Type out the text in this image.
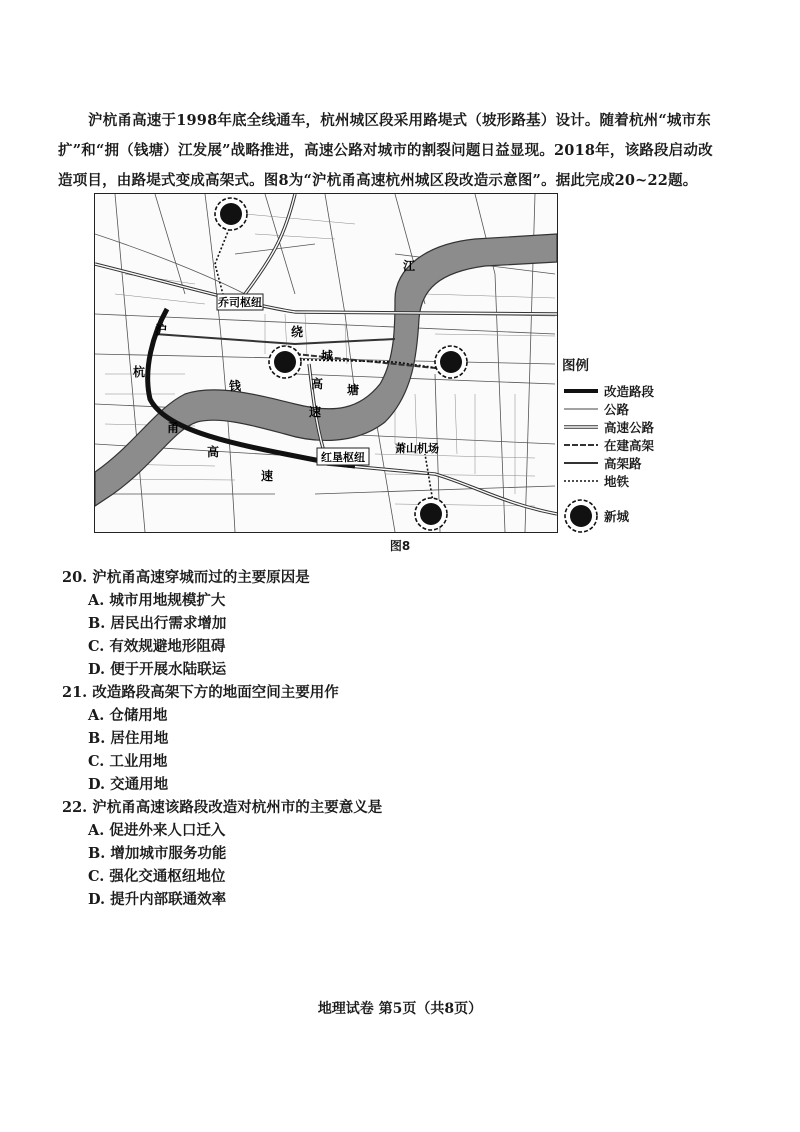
沪杭甬高速于1998年底全线通车，杭州城区段采用路堤式（坡形路基）设计。随着杭州“城市东

扩”和“拥（钱塘）江发展”战略推进，高速公路对城市的割裂问题日益显现。2018年，该路段启动改

造项目，由路堤式变成高架式。图8为“沪杭甬高速杭州城区段改造示意图”。据此完成20~22题。

乔司枢纽
红垦枢纽
萧山机场
江
钱	塘
绕
城
高
速
沪
杭
甬
高
速
图例
改造路段
公路
高速公路
在建高架
高架路
地铁
新城
图8
20. 沪杭甬高速穿城而过的主要原因是
A. 城市用地规模扩大
B. 居民出行需求增加
C. 有效规避地形阻碍
D. 便于开展水陆联运
21. 改造路段高架下方的地面空间主要用作
A. 仓储用地
B. 居住用地
C. 工业用地
D. 交通用地
22. 沪杭甬高速该路段改造对杭州市的主要意义是
A. 促进外来人口迁入
B. 增加城市服务功能
C. 强化交通枢纽地位
D. 提升内部联通效率
地理试卷 第5页（共8页）
